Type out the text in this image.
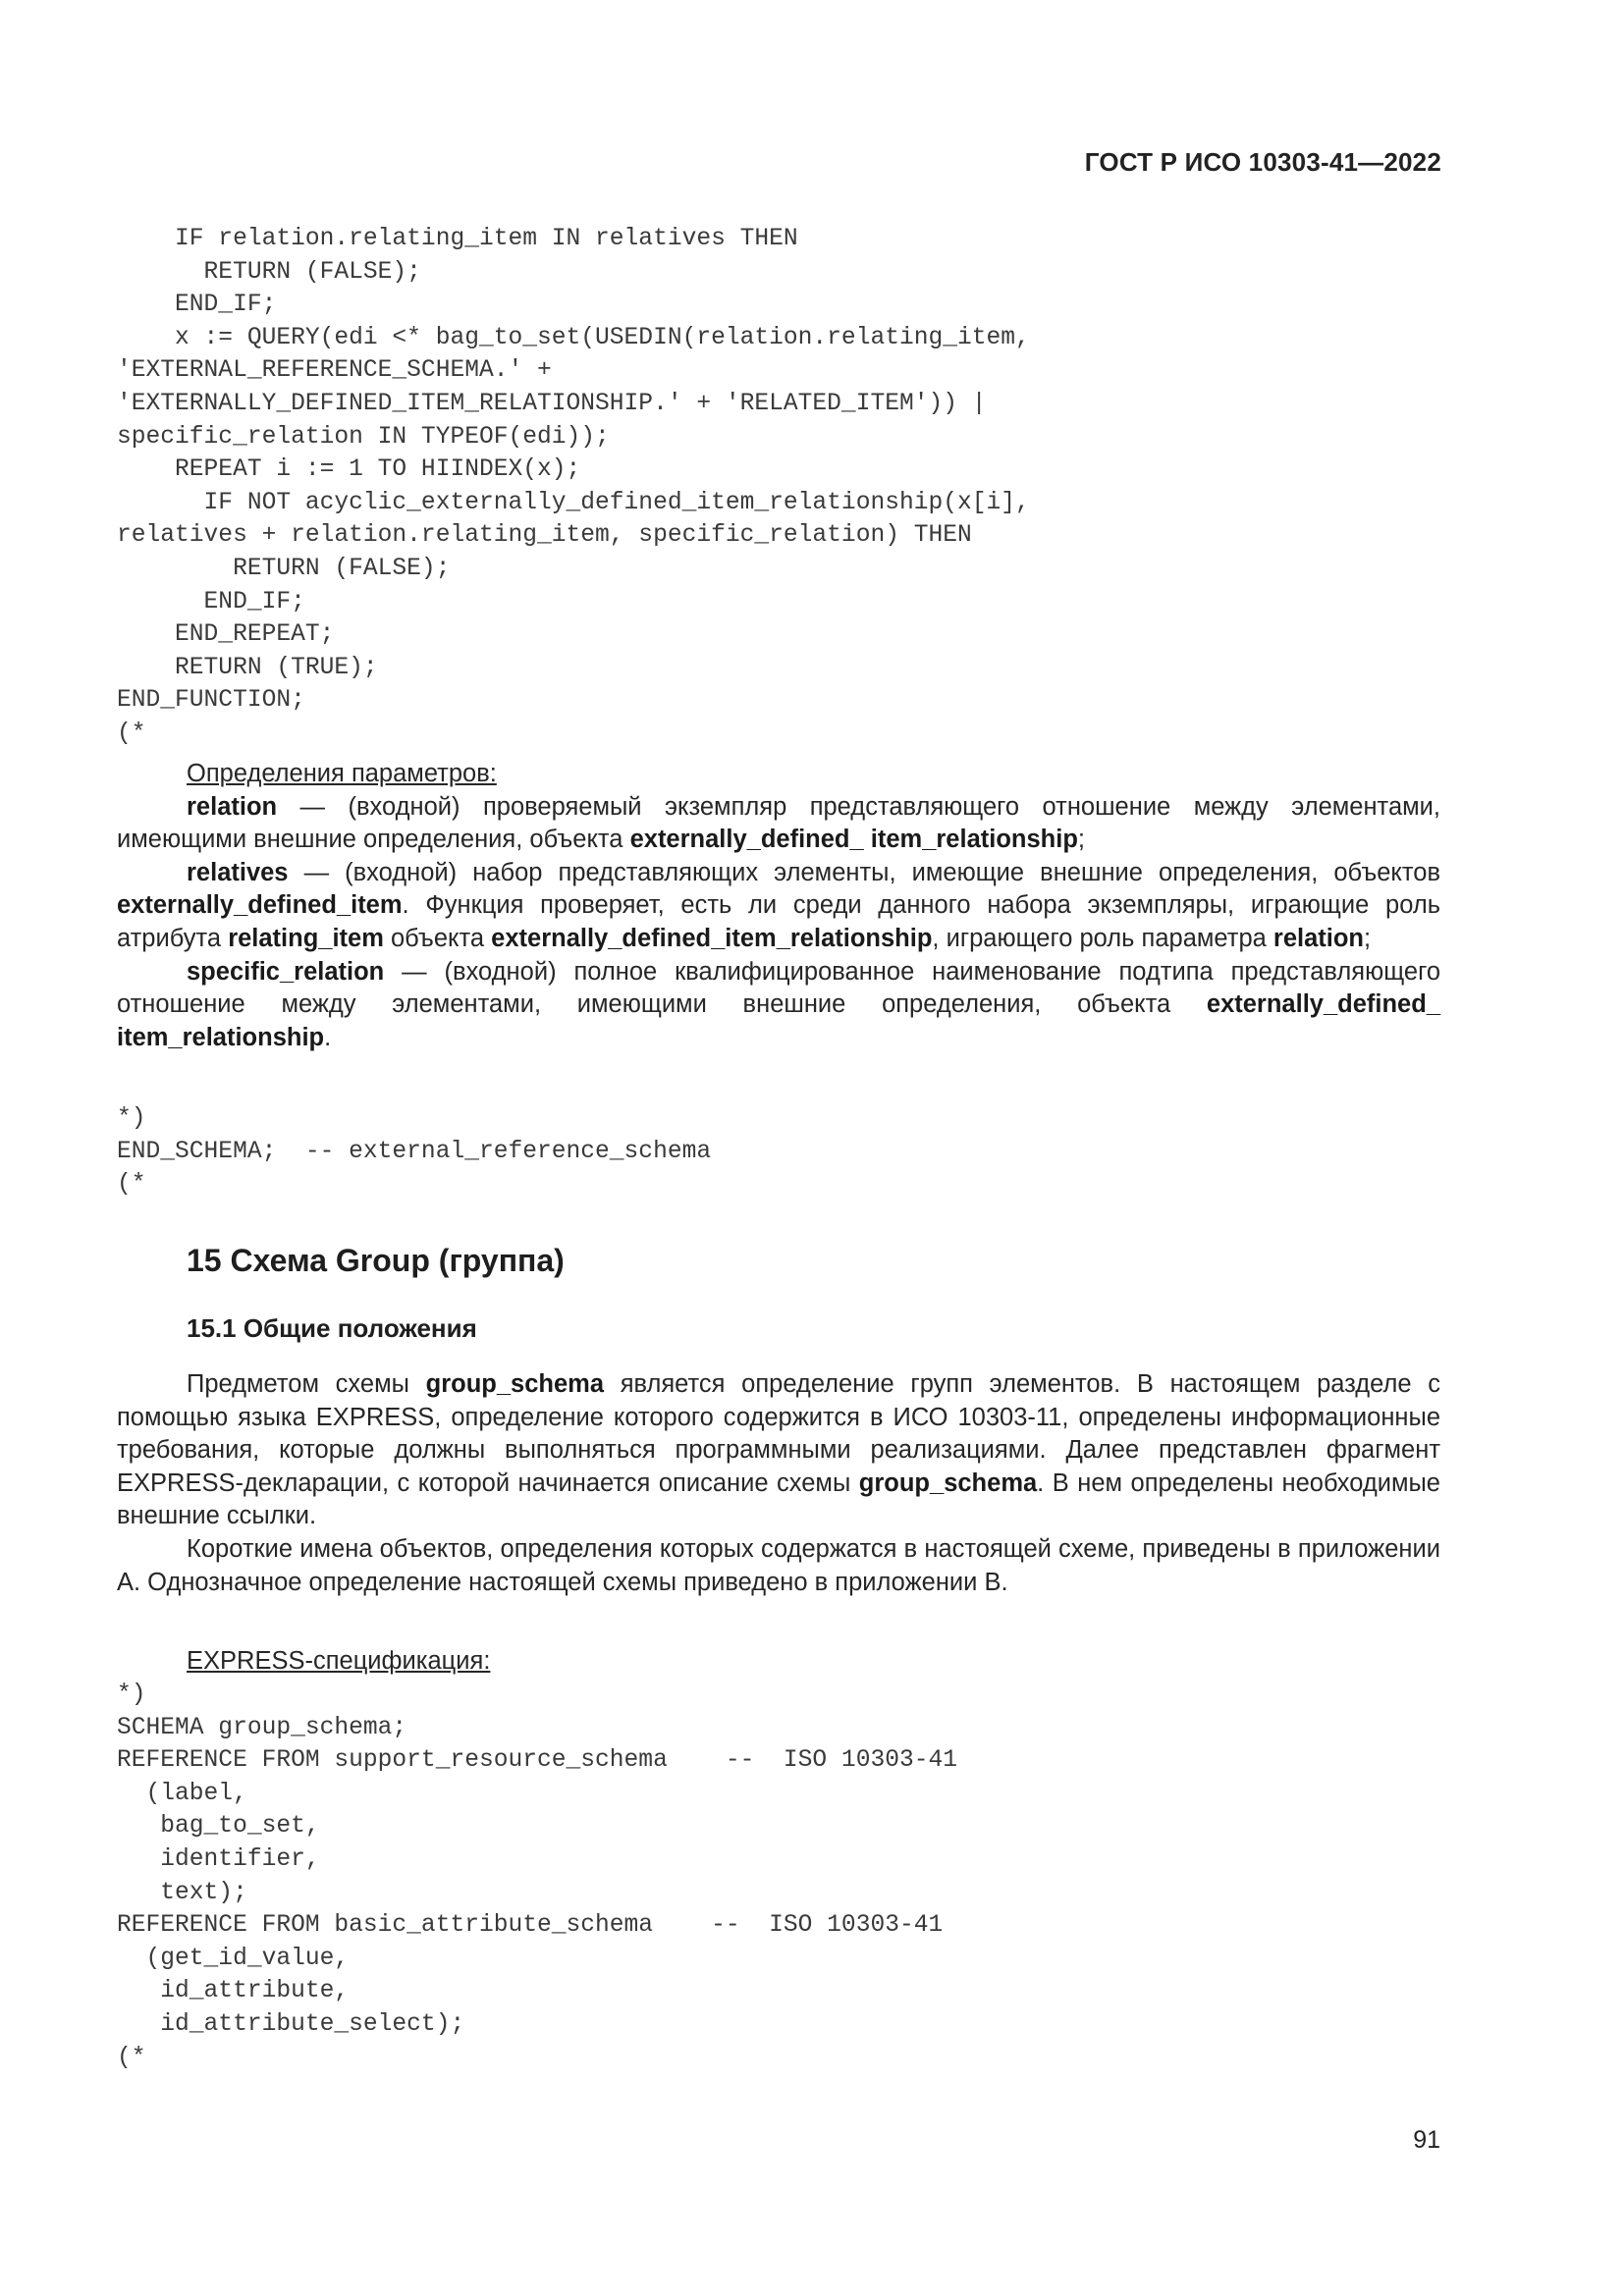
ГОСТ Р ИСО 10303-41—2022
IF relation.relating_item IN relatives THEN
RETURN (FALSE);
END_IF;
x := QUERY(edi <* bag_to_set(USEDIN(relation.relating_item,
'EXTERNAL_REFERENCE_SCHEMA.' +
'EXTERNALLY_DEFINED_ITEM_RELATIONSHIP.' + 'RELATED_ITEM')) |
specific_relation IN TYPEOF(edi));
REPEAT i := 1 TO HIINDEX(x);
IF NOT acyclic_externally_defined_item_relationship(x[i],
relatives + relation.relating_item, specific_relation) THEN
RETURN (FALSE);
END_IF;
END_REPEAT;
RETURN (TRUE);
END_FUNCTION;
(*

Определения параметров:

relation — (входной) проверяемый экземпляр представляющего отношение между элементами, имеющими внешние определения, объекта externally_defined_ item_relationship;

relatives — (входной) набор представляющих элементы, имеющие внешние определения, объектов externally_defined_item. Функция проверяет, есть ли среди данного набора экземпляры, играющие роль атрибута relating_item объекта externally_defined_item_relationship, играющего роль параметра relation;

specific_relation — (входной) полное квалифицированное наименование подтипа представляющего отношение между элементами, имеющими внешние определения, объекта externally_defined_ item_relationship.

*)
END_SCHEMA;  -- external_reference_schema
(*
15 Схема Group (группа)
15.1 Общие положения

Предметом схемы group_schema является определение групп элементов. В настоящем разделе с помощью языка EXPRESS, определение которого содержится в ИСО 10303-11, определены информационные требования, которые должны выполняться программными реализациями. Далее представлен фрагмент EXPRESS-декларации, с которой начинается описание схемы group_schema. В нем определены необходимые внешние ссылки.

Короткие имена объектов, определения которых содержатся в настоящей схеме, приведены в приложении А. Однозначное определение настоящей схемы приведено в приложении В.

EXPRESS-спецификация:

*)
SCHEMA group_schema;
REFERENCE FROM support_resource_schema    --  ISO 10303-41
(label,
bag_to_set,
identifier,
text);
REFERENCE FROM basic_attribute_schema    --  ISO 10303-41
(get_id_value,
id_attribute,
id_attribute_select);
(*
91
